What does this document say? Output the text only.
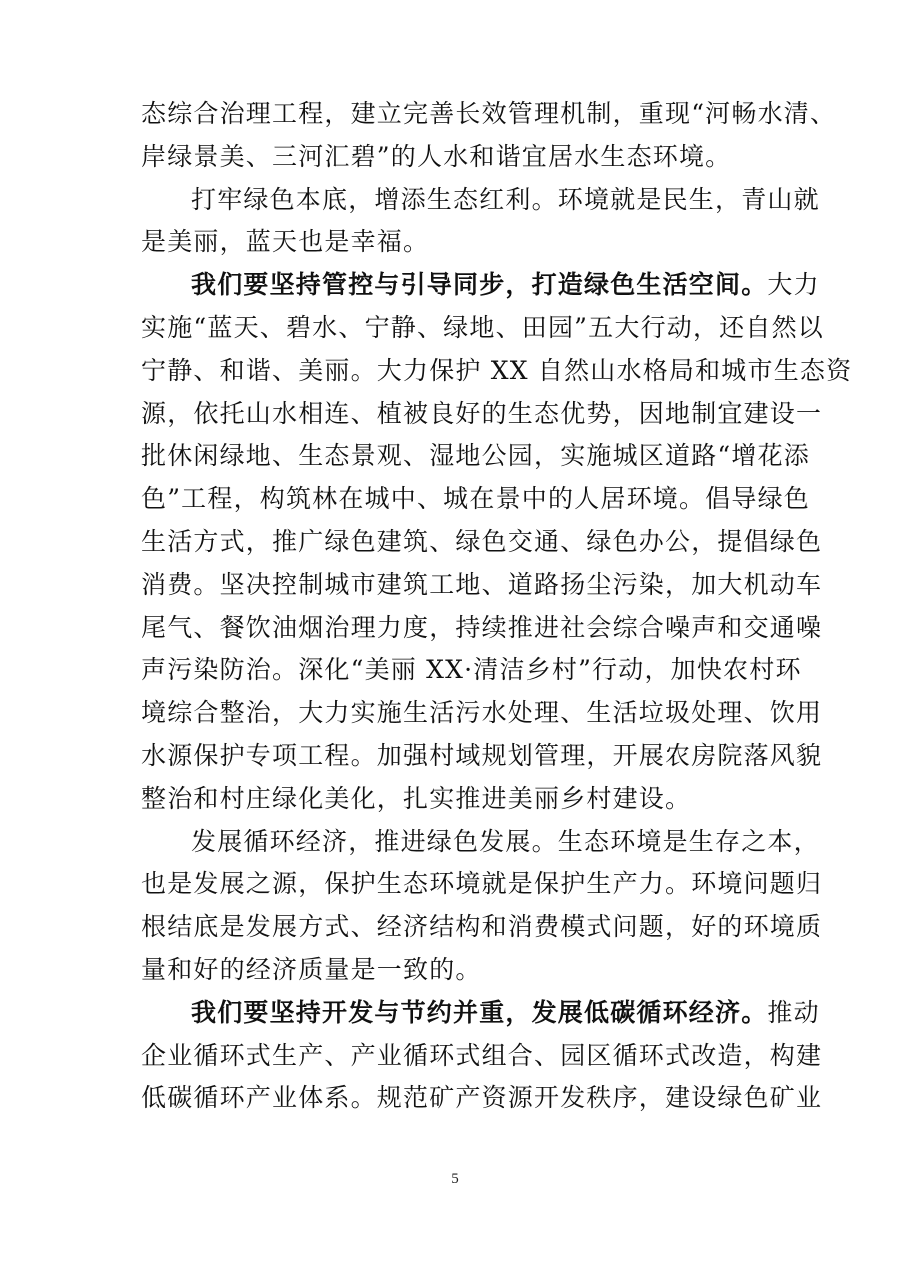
态综合治理工程，建立完善长效管理机制，重现“河畅水清、
岸绿景美、三河汇碧”的人水和谐宜居水生态环境。
打牢绿色本底，增添生态红利。环境就是民生，青山就
是美丽，蓝天也是幸福。
我们要坚持管控与引导同步，打造绿色生活空间。大力
实施“蓝天、碧水、宁静、绿地、田园”五大行动，还自然以
宁静、和谐、美丽。大力保护 XX 自然山水格局和城市生态资
源，依托山水相连、植被良好的生态优势，因地制宜建设一
批休闲绿地、生态景观、湿地公园，实施城区道路“增花添
色”工程，构筑林在城中、城在景中的人居环境。倡导绿色
生活方式，推广绿色建筑、绿色交通、绿色办公，提倡绿色
消费。坚决控制城市建筑工地、道路扬尘污染，加大机动车
尾气、餐饮油烟治理力度，持续推进社会综合噪声和交通噪
声污染防治。深化“美丽 XX·清洁乡村”行动，加快农村环
境综合整治，大力实施生活污水处理、生活垃圾处理、饮用
水源保护专项工程。加强村域规划管理，开展农房院落风貌
整治和村庄绿化美化，扎实推进美丽乡村建设。
发展循环经济，推进绿色发展。生态环境是生存之本，
也是发展之源，保护生态环境就是保护生产力。环境问题归
根结底是发展方式、经济结构和消费模式问题，好的环境质
量和好的经济质量是一致的。
我们要坚持开发与节约并重，发展低碳循环经济。推动
企业循环式生产、产业循环式组合、园区循环式改造，构建
低碳循环产业体系。规范矿产资源开发秩序，建设绿色矿业
5
